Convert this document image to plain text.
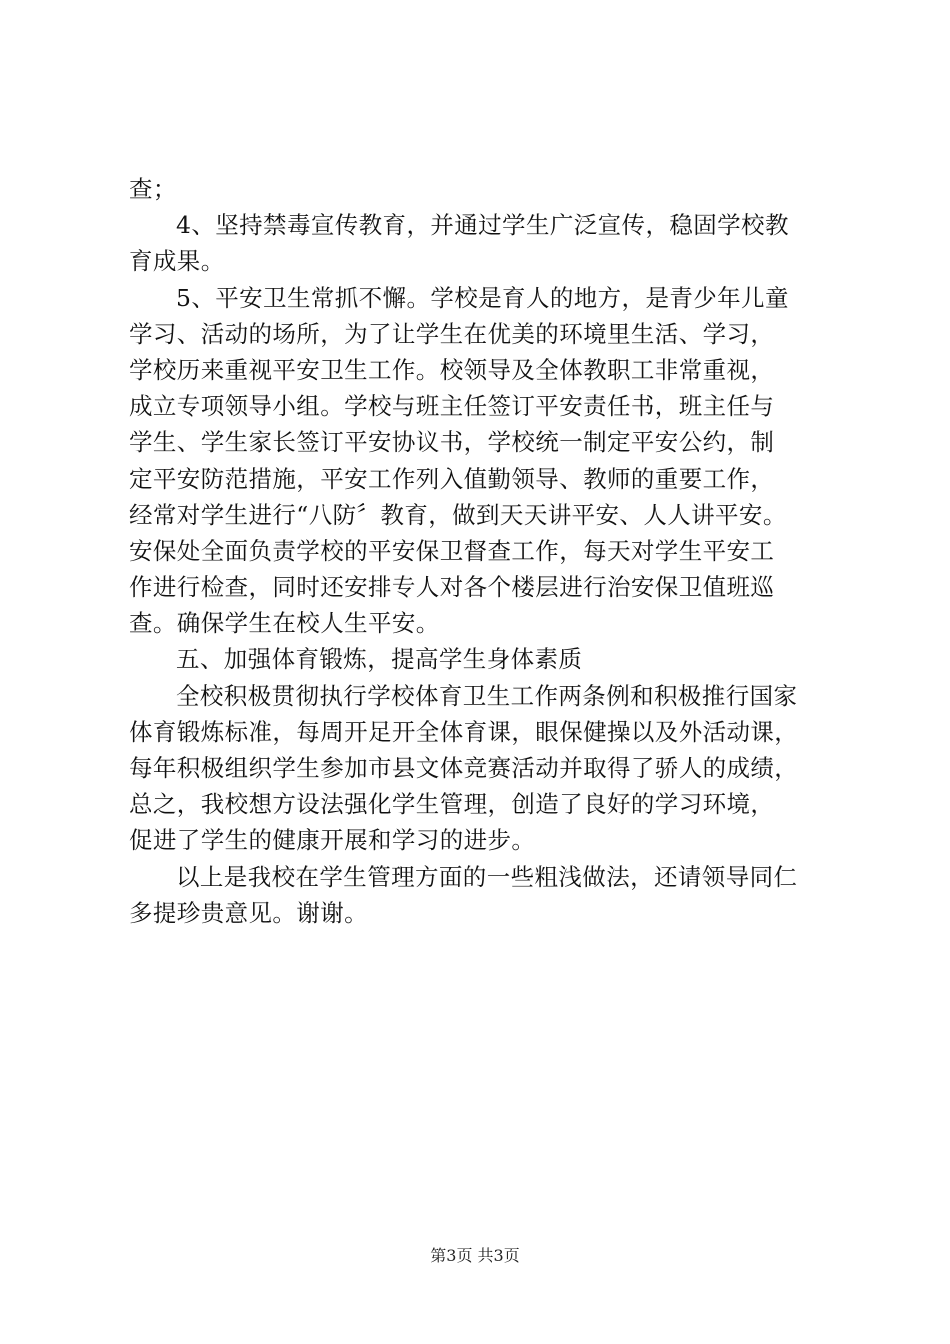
查；
4、坚持禁毒宣传教育，并通过学生广泛宣传，稳固学校教
育成果。
5、平安卫生常抓不懈。学校是育人的地方，是青少年儿童
学习、活动的场所，为了让学生在优美的环境里生活、学习，
学校历来重视平安卫生工作。校领导及全体教职工非常重视，
成立专项领导小组。学校与班主任签订平安责任书，班主任与
学生、学生家长签订平安协议书，学校统一制定平安公约，制
定平安防范措施，平安工作列入值勤领导、教师的重要工作，
经常对学生进行“八防〞教育，做到天天讲平安、人人讲平安。
安保处全面负责学校的平安保卫督查工作，每天对学生平安工
作进行检查，同时还安排专人对各个楼层进行治安保卫值班巡
查。确保学生在校人生平安。
五、加强体育锻炼，提高学生身体素质
全校积极贯彻执行学校体育卫生工作两条例和积极推行国家
体育锻炼标准，每周开足开全体育课，眼保健操以及外活动课，
每年积极组织学生参加市县文体竞赛活动并取得了骄人的成绩，
总之，我校想方设法强化学生管理，创造了良好的学习环境，
促进了学生的健康开展和学习的进步。
以上是我校在学生管理方面的一些粗浅做法，还请领导同仁
多提珍贵意见。谢谢。
第3页 共3页
